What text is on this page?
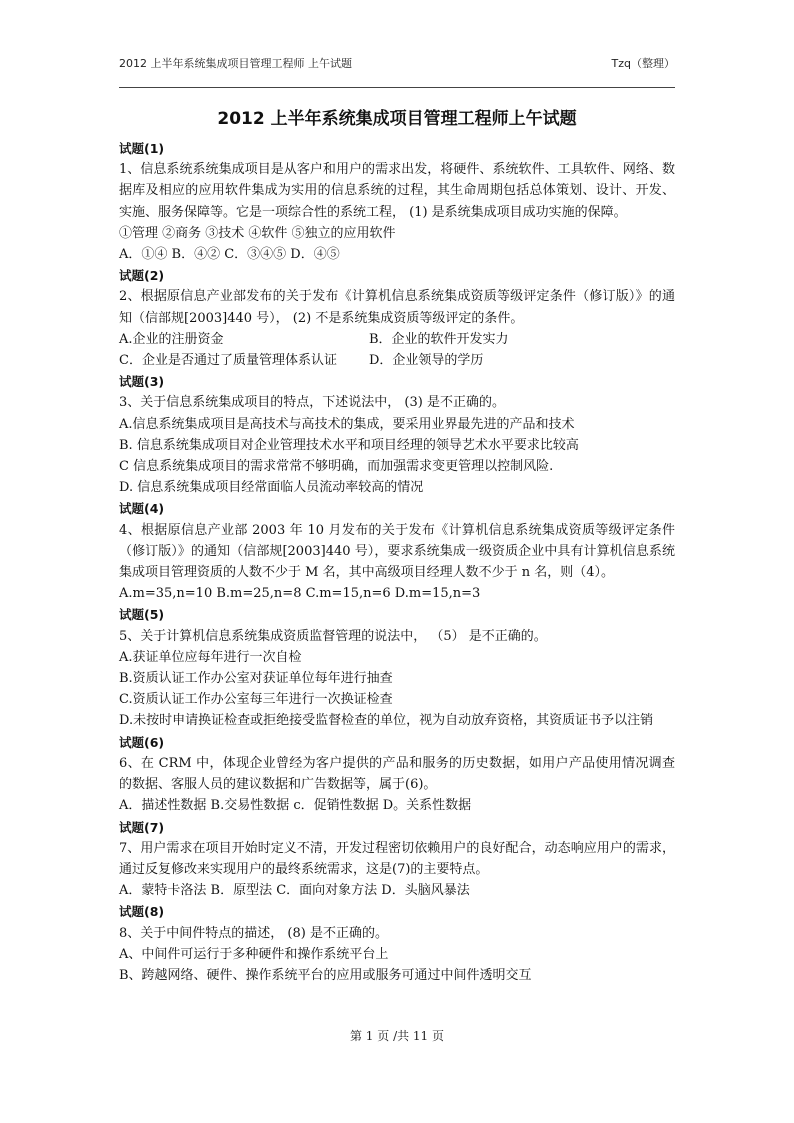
2012 上半年系统集成项目管理工程师 上午试题	Tzq（整理）
2012 上半年系统集成项目管理工程师上午试题
试题(1)
1、信息系统系统集成项目是从客户和用户的需求出发，将硬件、系统软件、工具软件、网络、数据库及相应的应用软件集成为实用的信息系统的过程，其生命周期包括总体策划、设计、开发、实施、服务保障等。它是一项综合性的系统工程， (1) 是系统集成项目成功实施的保障。
①管理 ②商务 ③技术 ④软件 ⑤独立的应用软件
A．①④ B．④② C．③④⑤ D．④⑤
试题(2)
2、根据原信息产业部发布的关于发布《计算机信息系统集成资质等级评定条件（修订版）》的通知（信部规[2003]440 号）， (2) 不是系统集成资质等级评定的条件。
A.企业的注册资金	B．企业的软件开发实力
C．企业是否通过了质量管理体系认证	D．企业领导的学历
试题(3)
3、关于信息系统集成项目的特点，下述说法中， (3) 是不正确的。
A.信息系统集成项目是高技术与高技术的集成，要采用业界最先进的产品和技术
B. 信息系统集成项目对企业管理技术水平和项目经理的领导艺术水平要求比较高
C 信息系统集成项目的需求常常不够明确，而加强需求变更管理以控制风险.
D. 信息系统集成项目经常面临人员流动率较高的情况
试题(4)
4、根据原信息产业部 2003 年 10 月发布的关于发布《计算机信息系统集成资质等级评定条件（修订版）》的通知（信部规[2003]440 号），要求系统集成一级资质企业中具有计算机信息系统集成项目管理资质的人数不少于 M 名，其中高级项目经理人数不少于 n 名，则（4）。
A.m=35,n=10 B.m=25,n=8 C.m=15,n=6 D.m=15,n=3
试题(5)
5、关于计算机信息系统集成资质监督管理的说法中， （5） 是不正确的。
A.获证单位应每年进行一次自检
B.资质认证工作办公室对获证单位每年进行抽查
C.资质认证工作办公室每三年进行一次换证检查
D.未按时申请换证检查或拒绝接受监督检查的单位，视为自动放弃资格，其资质证书予以注销
试题(6)
6、在 CRM 中，体现企业曾经为客户提供的产品和服务的历史数据，如用户产品使用情况调查的数据、客服人员的建议数据和广告数据等，属于(6)。
A．描述性数据 B.交易性数据 c．促销性数据 D。关系性数据
试题(7)
7、用户需求在项目开始时定义不清，开发过程密切依赖用户的良好配合，动态响应用户的需求，通过反复修改来实现用户的最终系统需求，这是(7)的主要特点。
A．蒙特卡洛法 B．原型法 C．面向对象方法 D．头脑风暴法
试题(8)
8、关于中间件特点的描述， (8) 是不正确的。
A、中间件可运行于多种硬件和操作系统平台上
B、跨越网络、硬件、操作系统平台的应用或服务可通过中间件透明交互
第 1 页 /共 11 页
